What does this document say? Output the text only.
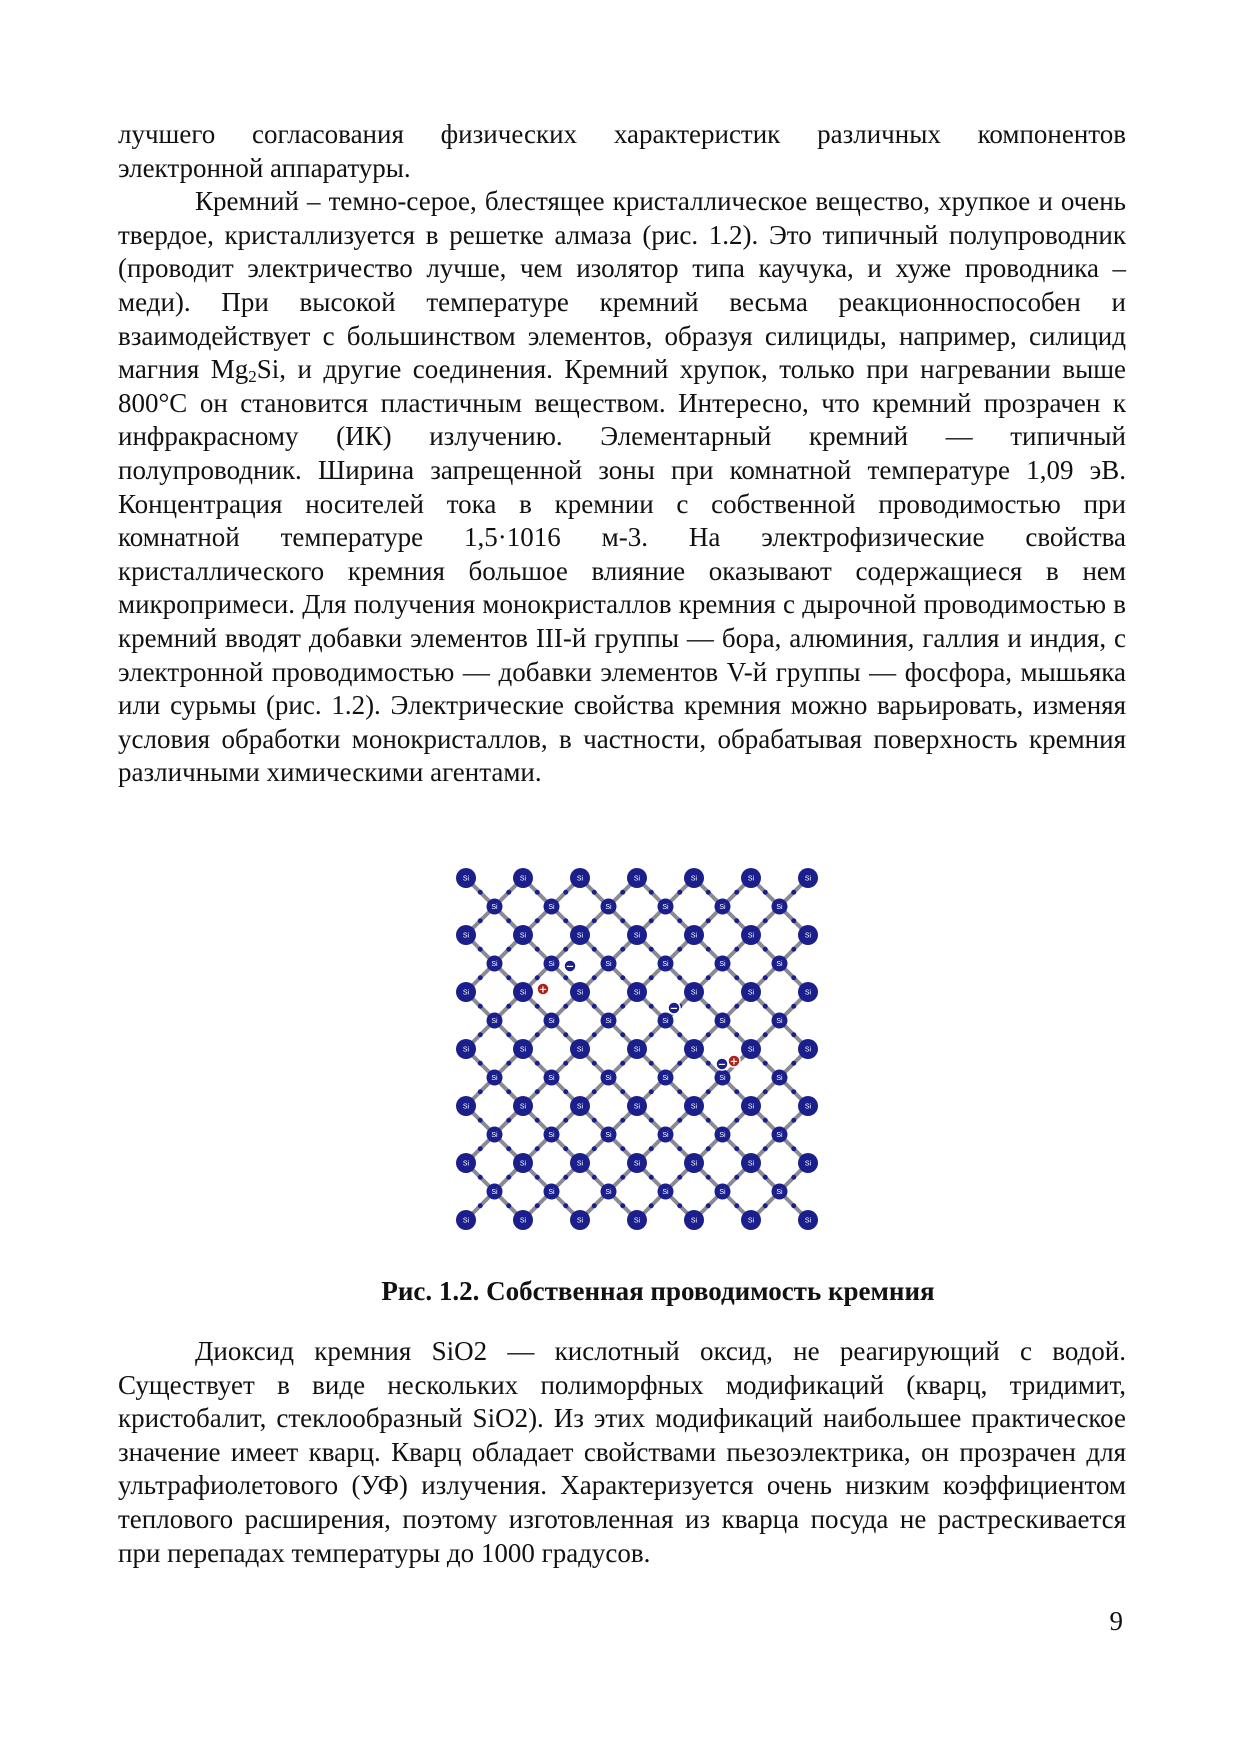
лучшего согласования физических характеристик различных компонентов электронной аппаратуры.

Кремний – темно-серое, блестящее кристаллическое вещество, хрупкое и очень твердое, кристаллизуется в решетке алмаза (рис. 1.2). Это типичный полупроводник (проводит электричество лучше, чем изолятор типа каучука, и хуже проводника – меди). При высокой температуре кремний весьма реакционноспособен и взаимодействует с большинством элементов, образуя силициды, например, силицид магния $Mg_2Si$, и другие соединения. Кремний хрупок, только при нагревании выше 800°С он становится пластичным веществом. Интересно, что кремний прозрачен к инфракрасному (ИК) излучению. Элементарный кремний — типичный полупроводник. Ширина запрещенной зоны при комнатной температуре 1,09 эВ. Концентрация носителей тока в кремнии с собственной проводимостью при комнатной температуре 1,5·1016 м-3. На электрофизические свойства кристаллического кремния большое влияние оказывают содержащиеся в нем микропримеси. Для получения монокристаллов кремния с дырочной проводимостью в кремний вводят добавки элементов III-й группы — бора, алюминия, галлия и индия, с электронной проводимостью — добавки элементов V-й группы — фосфора, мышьяка или сурьмы (рис. 1.2). Электрические свойства кремния можно варьировать, изменяя условия обработки монокристаллов, в частности, обрабатывая поверхность кремния различными химическими агентами.

Si
Si
Si
Si
Si
Si
Si
Si
Si
Si
Si
Si
Si
Si
Si
Si
Si
Si
Si
Si
Si
Si
Si
Si
Si
Si
Si
Si
Si
Si
Si
Si
Si
Si
Si
Si
Si
Si
Si
Si
Si
Si
Si
Si
Si
Si
Si
Si
Si
Si
Si
Si
Si
Si
Si
Si
Si
Si
Si
Si
Si
Si
Si
Si
Si
Si
Si
Si
Si
Si
Si
Si
Si
Si
Si
Si
Si
Si
Si
Si
Si
Si
Si
Si
Si
−
+
−
− +
Рис. 1.2. Собственная проводимость кремния

Диоксид кремния SiO2 — кислотный оксид, не реагирующий с водой. Существует в виде нескольких полиморфных модификаций (кварц, тридимит, кристобалит, стеклообразный SiO2). Из этих модификаций наибольшее практическое значение имеет кварц. Кварц обладает свойствами пьезоэлектрика, он прозрачен для ультрафиолетового (УФ) излучения. Характеризуется очень низким коэффициентом теплового расширения, поэтому изготовленная из кварца посуда не растрескивается при перепадах температуры до 1000 градусов.

9
